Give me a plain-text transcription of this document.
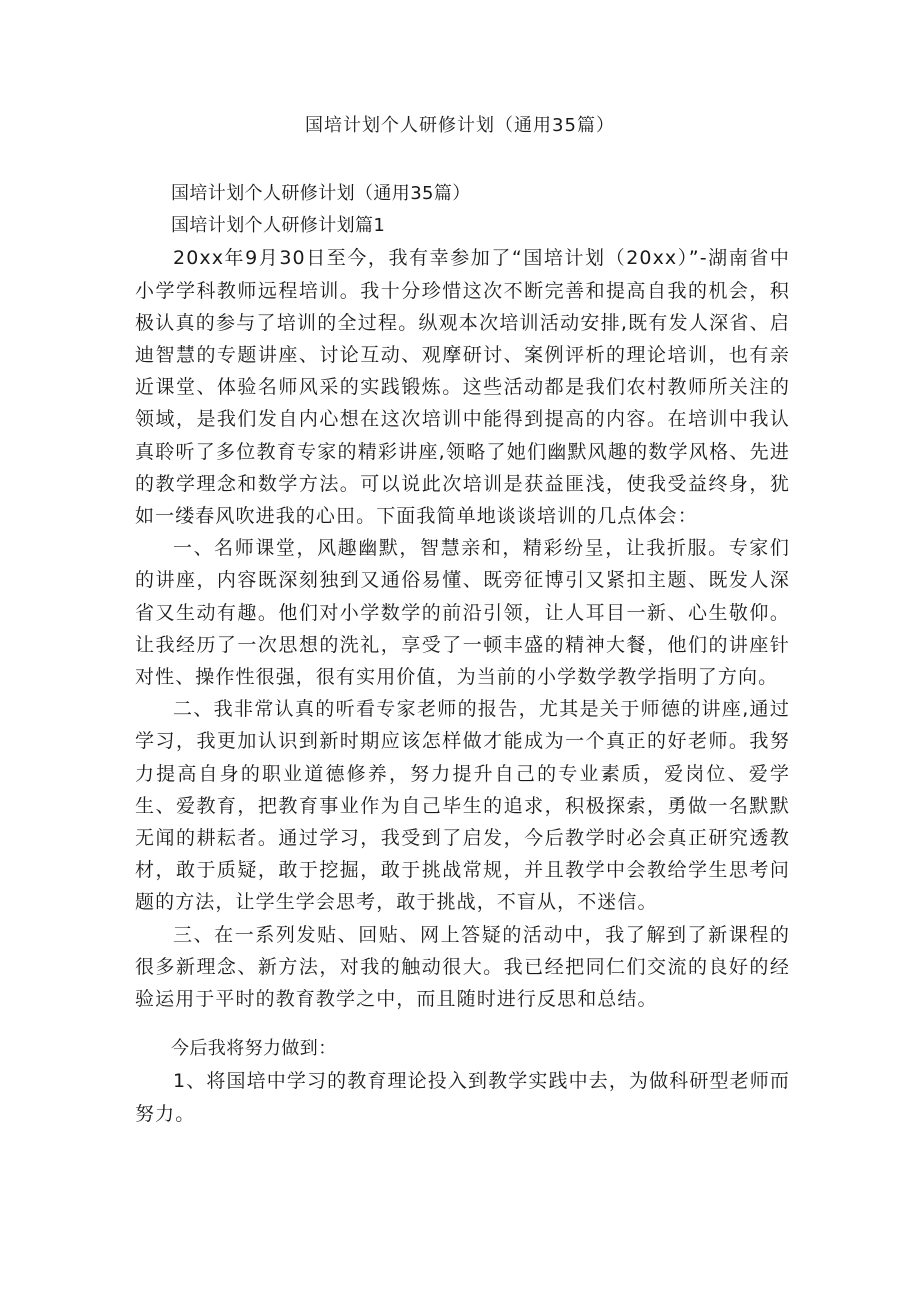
国培计划个人研修计划（通用35篇）

国培计划个人研修计划（通用35篇）

国培计划个人研修计划篇1

20xx年9月30日至今，我有幸参加了“国培计划（20xx）”-湖南省中小学学科教师远程培训。我十分珍惜这次不断完善和提高自我的机会，积极认真的参与了培训的全过程。纵观本次培训活动安排,既有发人深省、启迪智慧的专题讲座、讨论互动、观摩研讨、案例评析的理论培训，也有亲近课堂、体验名师风采的实践锻炼。这些活动都是我们农村教师所关注的领域，是我们发自内心想在这次培训中能得到提高的内容。在培训中我认真聆听了多位教育专家的精彩讲座,领略了她们幽默风趣的数学风格、先进的教学理念和数学方法。可以说此次培训是获益匪浅，使我受益终身，犹如一缕春风吹进我的心田。下面我简单地谈谈培训的几点体会：

一、名师课堂，风趣幽默，智慧亲和，精彩纷呈，让我折服。专家们的讲座，内容既深刻独到又通俗易懂、既旁征博引又紧扣主题、既发人深省又生动有趣。他们对小学数学的前沿引领，让人耳目一新、心生敬仰。让我经历了一次思想的洗礼，享受了一顿丰盛的精神大餐，他们的讲座针对性、操作性很强，很有实用价值，为当前的小学数学教学指明了方向。

二、我非常认真的听看专家老师的报告，尤其是关于师德的讲座,通过学习，我更加认识到新时期应该怎样做才能成为一个真正的好老师。我努力提高自身的职业道德修养，努力提升自己的专业素质，爱岗位、爱学生、爱教育，把教育事业作为自己毕生的追求，积极探索，勇做一名默默无闻的耕耘者。通过学习，我受到了启发，今后教学时必会真正研究透教材，敢于质疑，敢于挖掘，敢于挑战常规，并且教学中会教给学生思考问题的方法，让学生学会思考，敢于挑战，不盲从，不迷信。

三、在一系列发贴、回贴、网上答疑的活动中，我了解到了新课程的很多新理念、新方法，对我的触动很大。我已经把同仁们交流的良好的经验运用于平时的教育教学之中，而且随时进行反思和总结。

今后我将努力做到：

1、将国培中学习的教育理论投入到教学实践中去，为做科研型老师而努力。
